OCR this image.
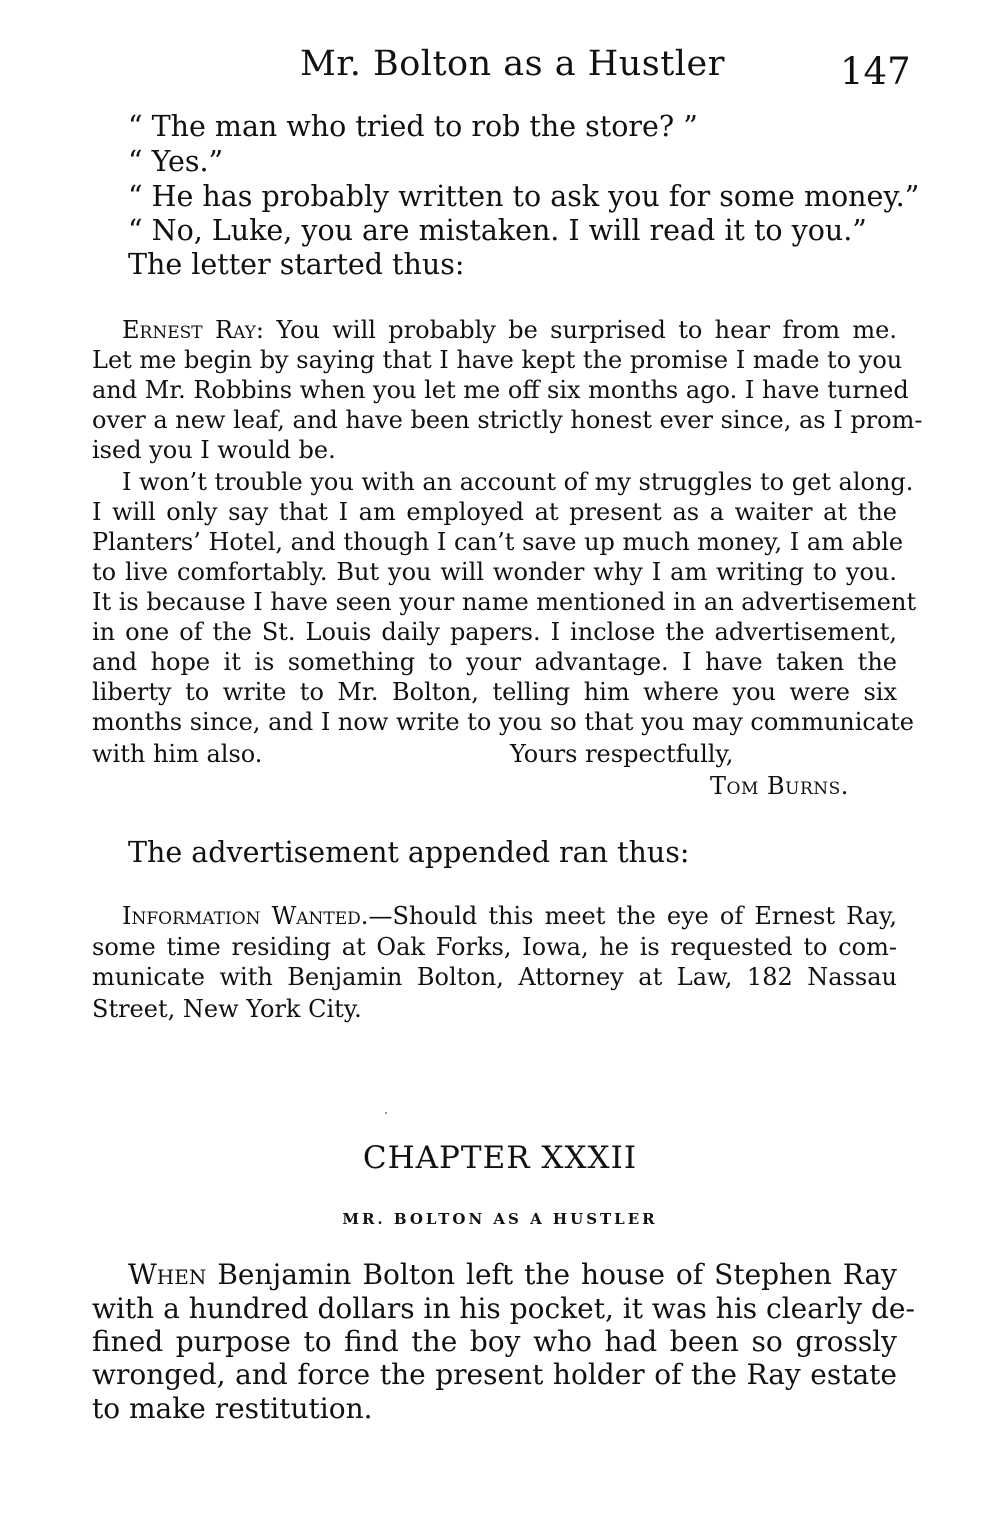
Mr. Bolton as a Hustler	147
“ The man who tried to rob the store? ”
“ Yes.”
“ He has probably written to ask you for some money.”
“ No, Luke, you are mistaken. I will read it to you.”
The letter started thus:
Ernest Ray: You will probably be surprised to hear from me.
Let me begin by saying that I have kept the promise I made to you
and Mr. Robbins when you let me off six months ago. I have turned
over a new leaf, and have been strictly honest ever since, as I prom-
ised you I would be.
I won’t trouble you with an account of my struggles to get along.
I will only say that I am employed at present as a waiter at the
Planters’ Hotel, and though I can’t save up much money, I am able
to live comfortably. But you will wonder why I am writing to you.
It is because I have seen your name mentioned in an advertisement
in one of the St. Louis daily papers. I inclose the advertisement,
and hope it is something to your advantage. I have taken the
liberty to write to Mr. Bolton, telling him where you were six
months since, and I now write to you so that you may communicate
with him also.	Yours respectfully,
Tom Burns.
The advertisement appended ran thus:
Information Wanted.—Should this meet the eye of Ernest Ray,
some time residing at Oak Forks, Iowa, he is requested to com-
municate with Benjamin Bolton, Attorney at Law, 182 Nassau
Street, New York City.
CHAPTER XXXII
MR. BOLTON AS A HUSTLER
When Benjamin Bolton left the house of Stephen Ray
with a hundred dollars in his pocket, it was his clearly de-
fined purpose to find the boy who had been so grossly
wronged, and force the present holder of the Ray estate
to make restitution.
